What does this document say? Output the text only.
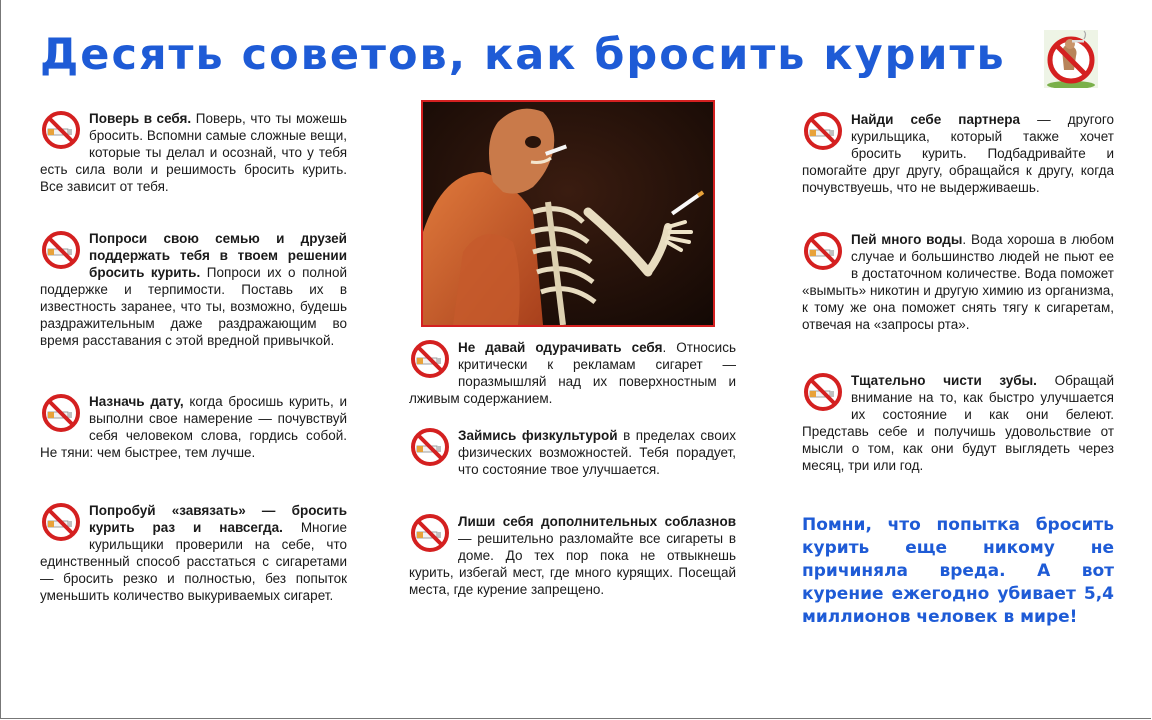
Десять советов, как бросить курить

Поверь в себя. Поверь, что ты можешь бросить. Вспомни самые сложные вещи, которые ты делал и осознай, что у тебя есть сила воли и решимость бросить курить. Все зависит от тебя.

Попроси свою семью и друзей поддержать тебя в твоем решении бросить курить. Попроси их о полной поддержке и терпимости. Поставь их в известность заранее, что ты, возможно, будешь раздражительным даже раздражающим во время расставания с этой вредной привычкой.

Назначь дату, когда бросишь курить, и выполни свое намерение — почувствуй себя человеком слова, гордись собой. Не тяни: чем быстрее, тем лучше.

Попробуй «завязать» — бросить курить раз и навсегда. Многие курильщики проверили на себе, что единственный способ расстаться с сигаретами — бросить резко и полностью, без попыток уменьшить количество выкуриваемых сигарет.

Не давай одурачивать себя. Относись критически к рекламам сигарет — поразмышляй над их поверхностным и лживым содержанием.

Займись физкультурой в пределах своих физических возможностей. Тебя порадует, что состояние твое улучшается.

Лиши себя дополнительных соблазнов — решительно разломайте все сигареты в доме. До тех пор пока не отвыкнешь курить, избегай мест, где много курящих. Посещай места, где курение запрещено.

Найди себе партнера — другого курильщика, который также хочет бросить курить. Подбадривайте и помогайте друг другу, обращайся к другу, когда почувствуешь, что не выдерживаешь.

Пей много воды. Вода хороша в любом случае и большинство людей не пьют ее в достаточном количестве. Вода поможет «вымыть» никотин и другую химию из организма, к тому же она поможет снять тягу к сигаретам, отвечая на «запросы рта».

Тщательно чисти зубы. Обращай внимание на то, как быстро улучшается их состояние и как они белеют. Представь себе и получишь удовольствие от мысли о том, как они будут выглядеть через месяц, три или год.

Помни, что попытка бросить курить еще никому не причиняла вреда. А вот курение ежегодно убивает 5,4 миллионов человек в мире!
